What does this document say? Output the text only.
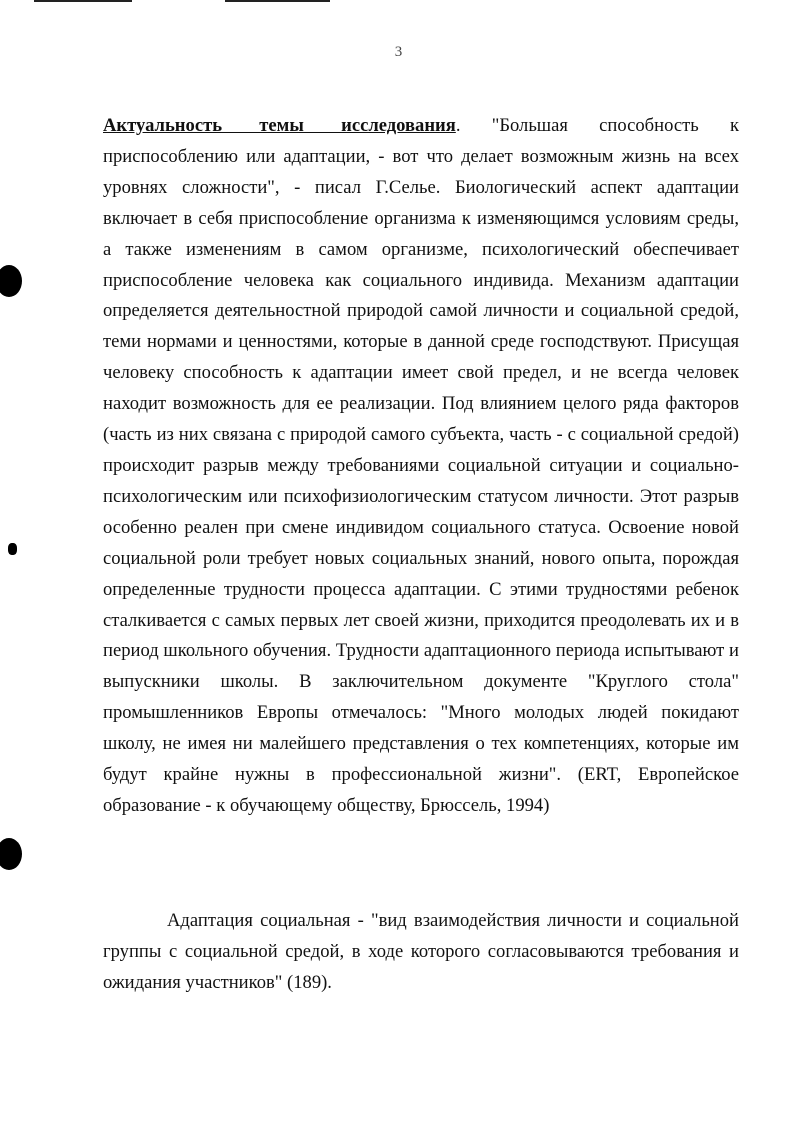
3
Актуальность темы исследования. "Большая способность к приспособлению или адаптации, - вот что делает возможным жизнь на всех уровнях сложности", - писал Г.Селье. Биологический аспект адаптации включает в себя приспособление организма к изменяющимся условиям среды, а также изменениям в самом организме, психологический обеспечивает приспособление человека как социального индивида. Механизм адаптации определяется деятельностной природой самой личности и социальной средой, теми нормами и ценностями, которые в данной среде господствуют. Присущая человеку способность к адаптации имеет свой предел, и не всегда человек находит возможность для ее реализации. Под влиянием целого ряда факторов (часть из них связана с природой самого субъекта, часть - с социальной средой) происходит разрыв между требованиями социальной ситуации и социально-психологическим или психофизиологическим статусом личности. Этот разрыв особенно реален при смене индивидом социального статуса. Освоение новой социальной роли требует новых социальных знаний, нового опыта, порождая определенные трудности процесса адаптации. С этими трудностями ребенок сталкивается с самых первых лет своей жизни, приходится преодолевать их и в период школьного обучения. Трудности адаптационного периода испытывают и выпускники школы. В заключительном документе "Круглого стола" промышленников Европы отмечалось: "Много молодых людей покидают школу, не имея ни малейшего представления о тех компетенциях, которые им будут крайне нужны в профессиональной жизни". (ERT, Европейское образование - к обучающему обществу, Брюссель, 1994)
Адаптация социальная - "вид взаимодействия личности и социальной группы с социальной средой, в ходе которого согласовываются требования и ожидания участников" (189).
